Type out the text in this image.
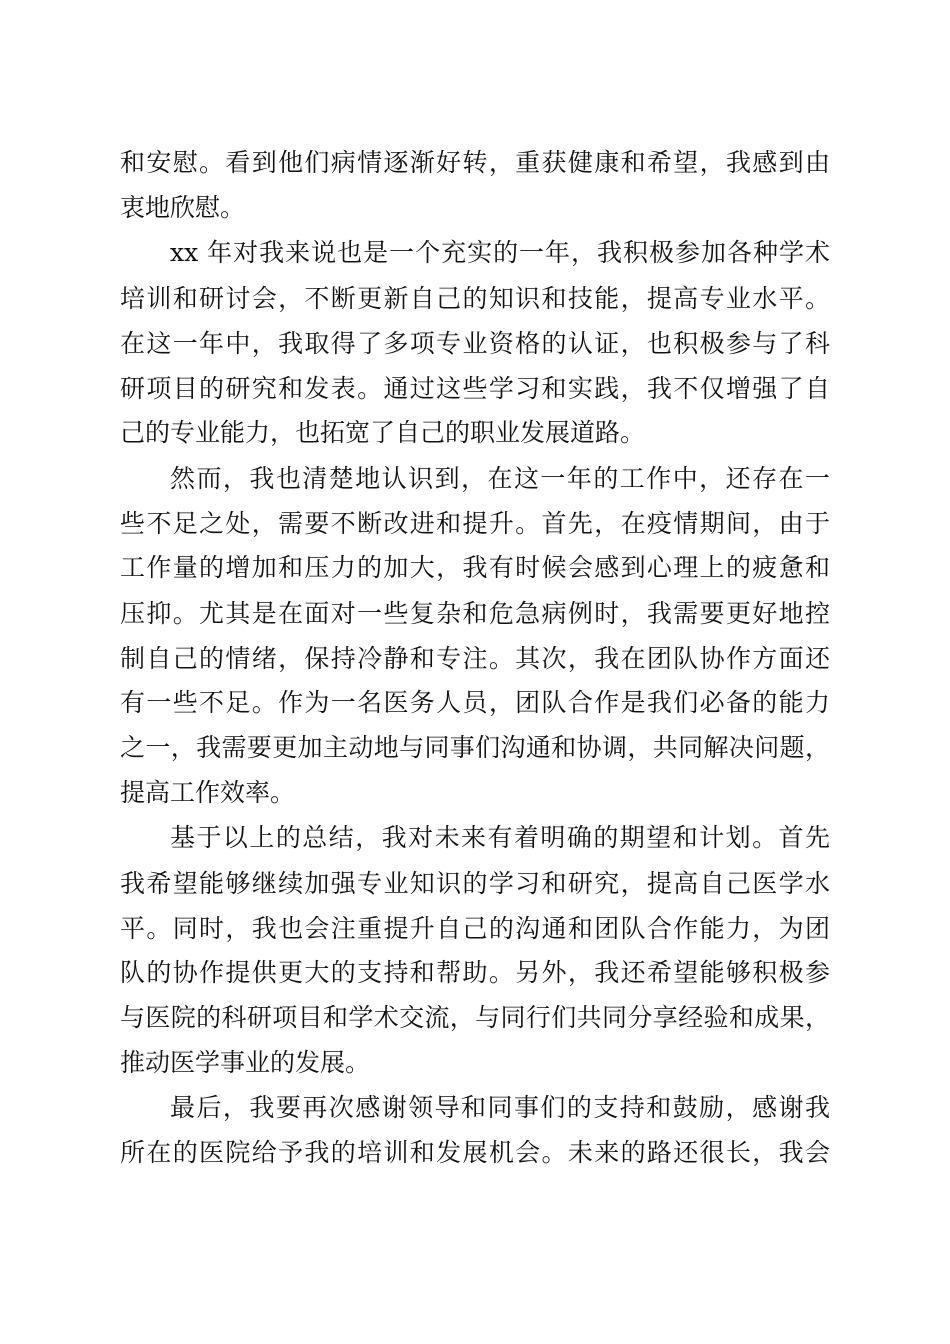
和安慰。看到他们病情逐渐好转，重获健康和希望，我感到由
衷地欣慰。
xx 年对我来说也是一个充实的一年，我积极参加各种学术
培训和研讨会，不断更新自己的知识和技能，提高专业水平。
在这一年中，我取得了多项专业资格的认证，也积极参与了科
研项目的研究和发表。通过这些学习和实践，我不仅增强了自
己的专业能力，也拓宽了自己的职业发展道路。
然而，我也清楚地认识到，在这一年的工作中，还存在一
些不足之处，需要不断改进和提升。首先，在疫情期间，由于
工作量的增加和压力的加大，我有时候会感到心理上的疲惫和
压抑。尤其是在面对一些复杂和危急病例时，我需要更好地控
制自己的情绪，保持冷静和专注。其次，我在团队协作方面还
有一些不足。作为一名医务人员，团队合作是我们必备的能力
之一，我需要更加主动地与同事们沟通和协调，共同解决问题，
提高工作效率。
基于以上的总结，我对未来有着明确的期望和计划。首先
我希望能够继续加强专业知识的学习和研究，提高自己医学水
平。同时，我也会注重提升自己的沟通和团队合作能力，为团
队的协作提供更大的支持和帮助。另外，我还希望能够积极参
与医院的科研项目和学术交流，与同行们共同分享经验和成果，
推动医学事业的发展。
最后，我要再次感谢领导和同事们的支持和鼓励，感谢我
所在的医院给予我的培训和发展机会。未来的路还很长，我会
